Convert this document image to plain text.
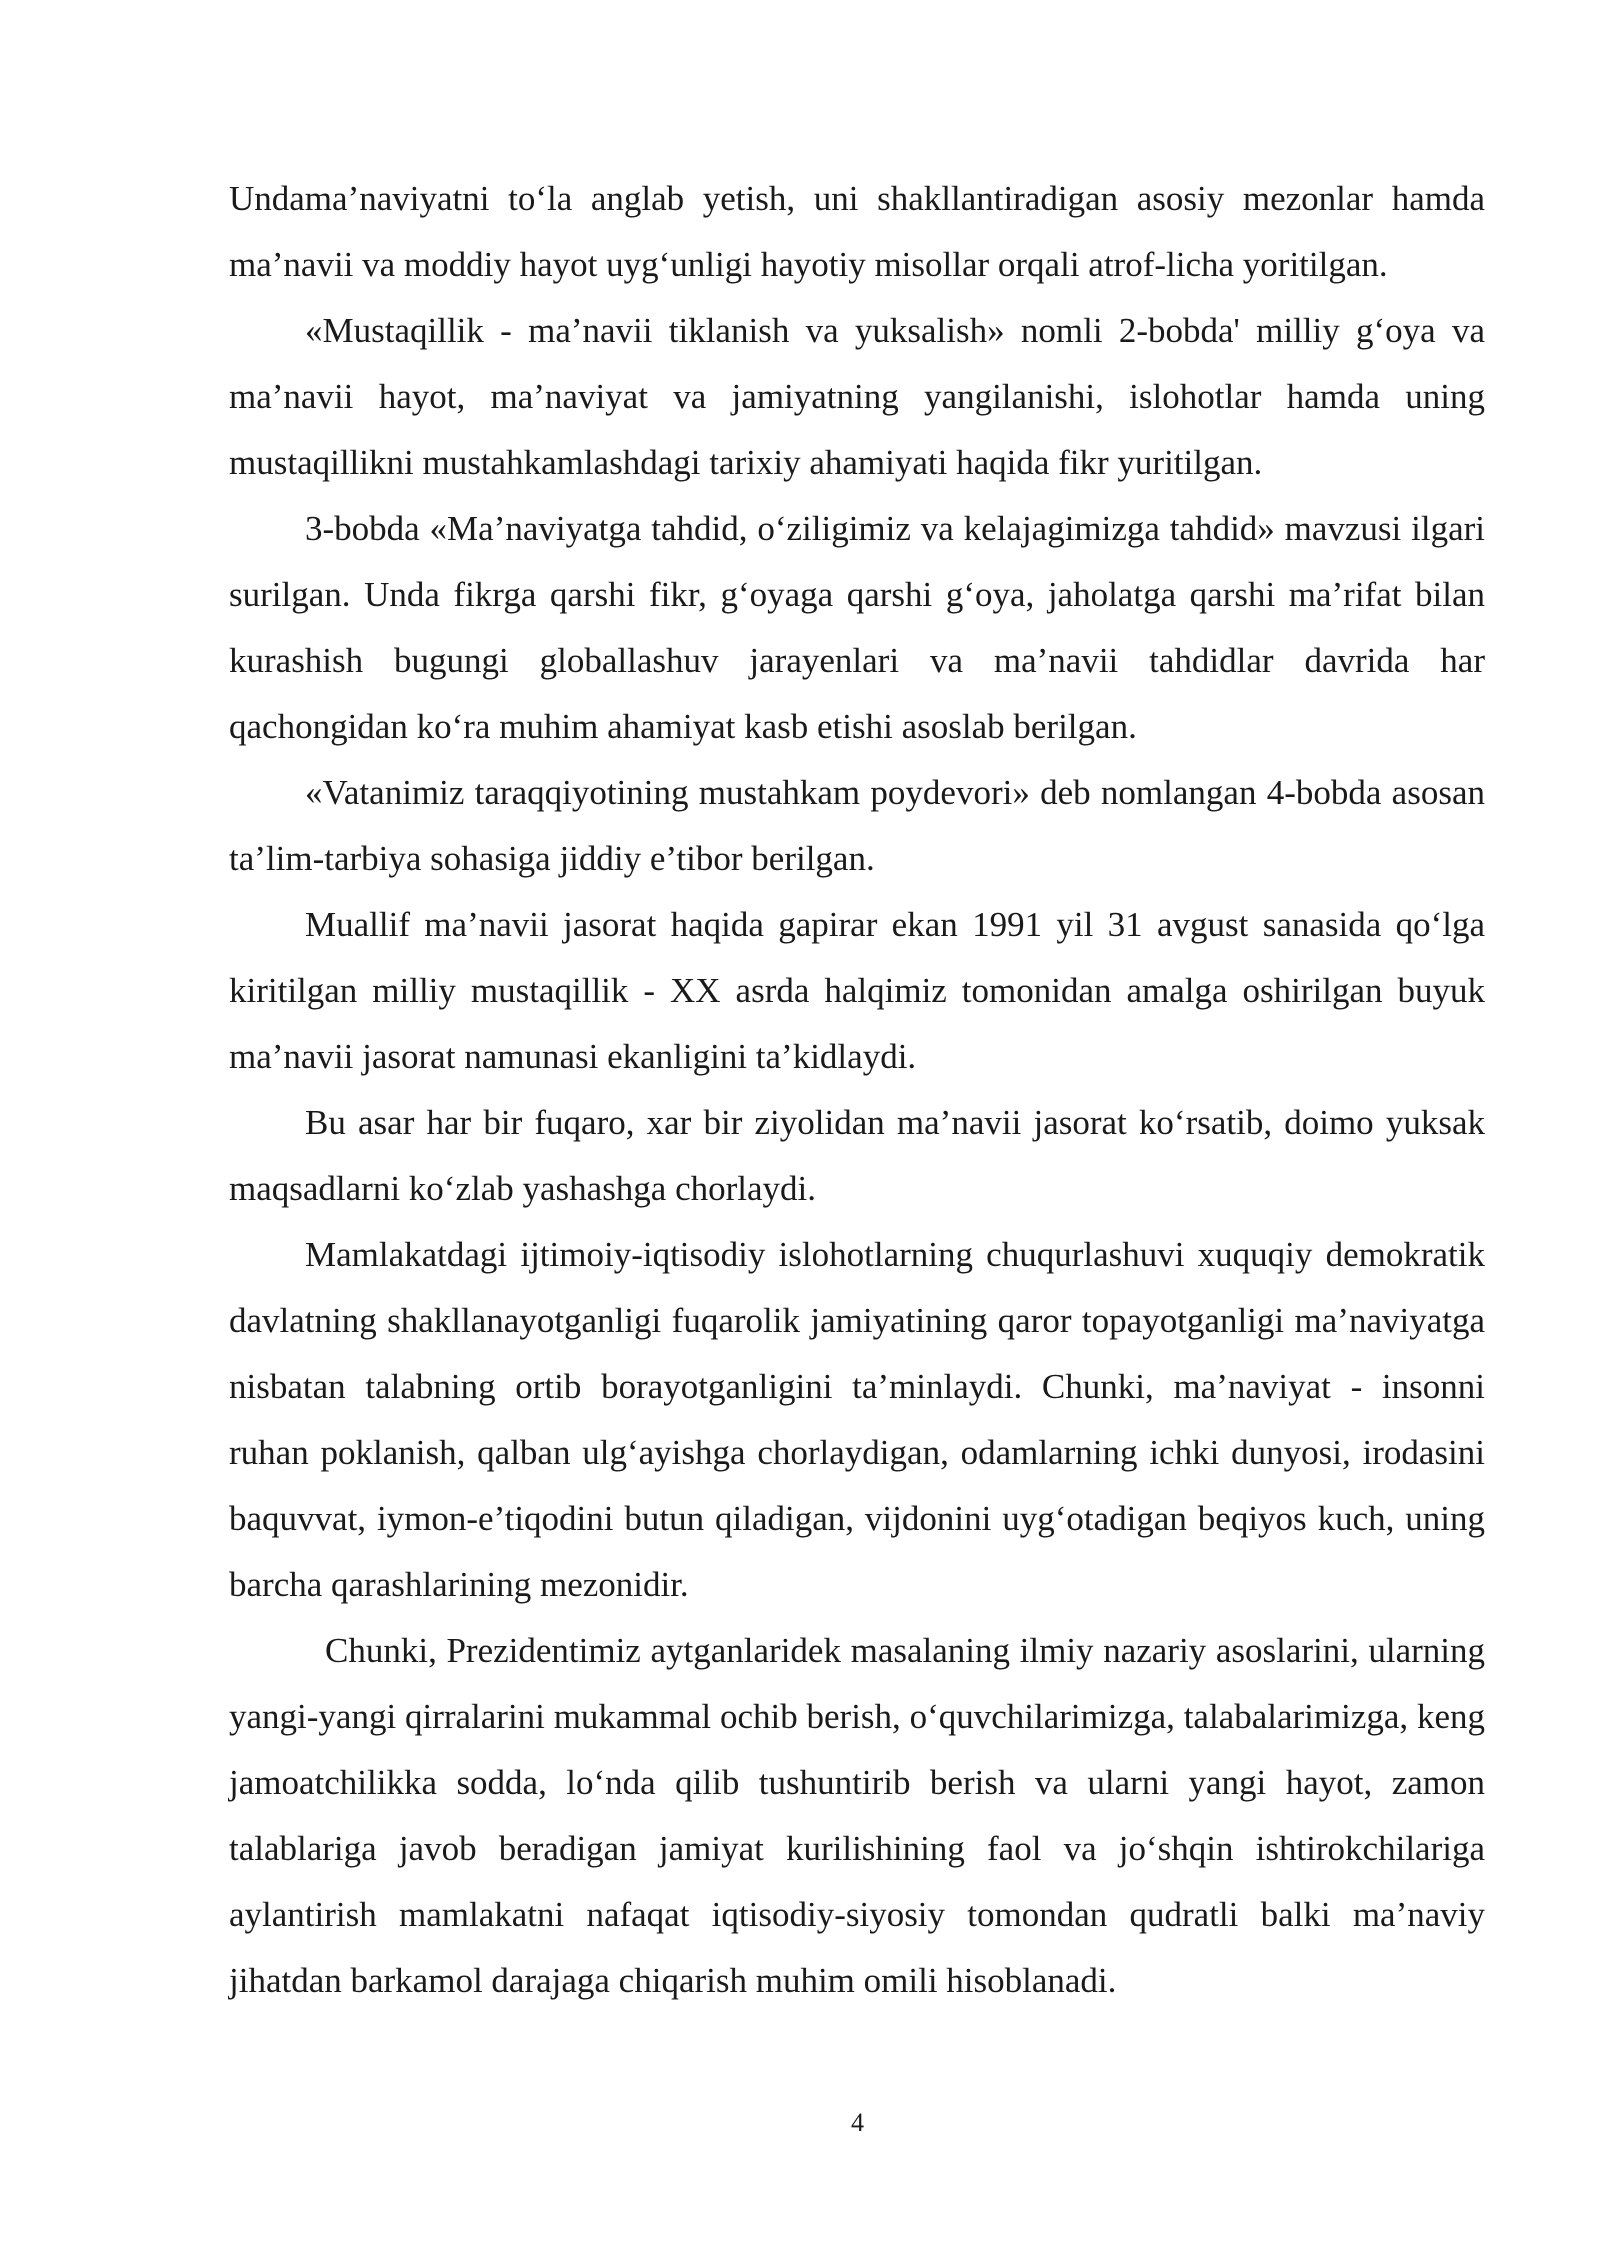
Undama’naviyatni to‘la anglab yetish, uni shakllantiradigan asosiy mezonlar hamda ma’navii va moddiy hayot uyg‘unligi hayotiy misollar orqali atrof-licha yoritilgan.

«Mustaqillik - ma’navii tiklanish va yuksalish» nomli 2-bobda' milliy g‘oya va ma’navii hayot, ma’naviyat va jamiyatning yangilanishi, islohotlar hamda uning mustaqillikni mustahkamlashdagi tarixiy ahamiyati haqida fikr yuritilgan.

3-bobda «Ma’naviyatga tahdid, o‘ziligimiz va kelajagimizga tahdid» mavzusi ilgari surilgan. Unda fikrga qarshi fikr, g‘oyaga qarshi g‘oya, jaholatga qarshi ma’rifat bilan kurashish bugungi globallashuv jarayenlari va ma’navii tahdidlar davrida har qachongidan ko‘ra muhim ahamiyat kasb etishi asoslab berilgan.

«Vatanimiz taraqqiyotining mustahkam poydevori» deb nomlangan 4-bobda asosan ta’lim-tarbiya sohasiga jiddiy e’tibor berilgan.

Muallif ma’navii jasorat haqida gapirar ekan 1991 yil 31 avgust sanasida qo‘lga kiritilgan milliy mustaqillik - XX asrda halqimiz tomonidan amalga oshirilgan buyuk ma’navii jasorat namunasi ekanligini ta’kidlaydi.

Bu asar har bir fuqaro, xar bir ziyolidan ma’navii jasorat ko‘rsatib, doimo yuksak maqsadlarni ko‘zlab yashashga chorlaydi.

Mamlakatdagi ijtimoiy-iqtisodiy islohotlarning chuqurlashuvi xuquqiy demokratik davlatning shakllanayotganligi fuqarolik jamiyatining qaror topayotganligi ma’naviyatga nisbatan talabning ortib borayotganligini ta’minlaydi. Chunki, ma’naviyat - insonni ruhan poklanish, qalban ulg‘ayishga chorlaydigan, odamlarning ichki dunyosi, irodasini baquvvat, iymon-e’tiqodini butun qiladigan, vijdonini uyg‘otadigan beqiyos kuch, uning barcha qarashlarining mezonidir.

Chunki, Prezidentimiz aytganlaridek masalaning ilmiy nazariy asoslarini, ularning yangi-yangi qirralarini mukammal ochib berish, o‘quvchilarimizga, talabalarimizga, keng jamoatchilikka sodda, lo‘nda qilib tushuntirib berish va ularni yangi hayot, zamon talablariga javob beradigan jamiyat kurilishining faol va jo‘shqin ishtirokchilariga aylantirish mamlakatni nafaqat iqtisodiy-siyosiy tomondan qudratli balki ma’naviy jihatdan barkamol darajaga chiqarish muhim omili hisoblanadi.

4
